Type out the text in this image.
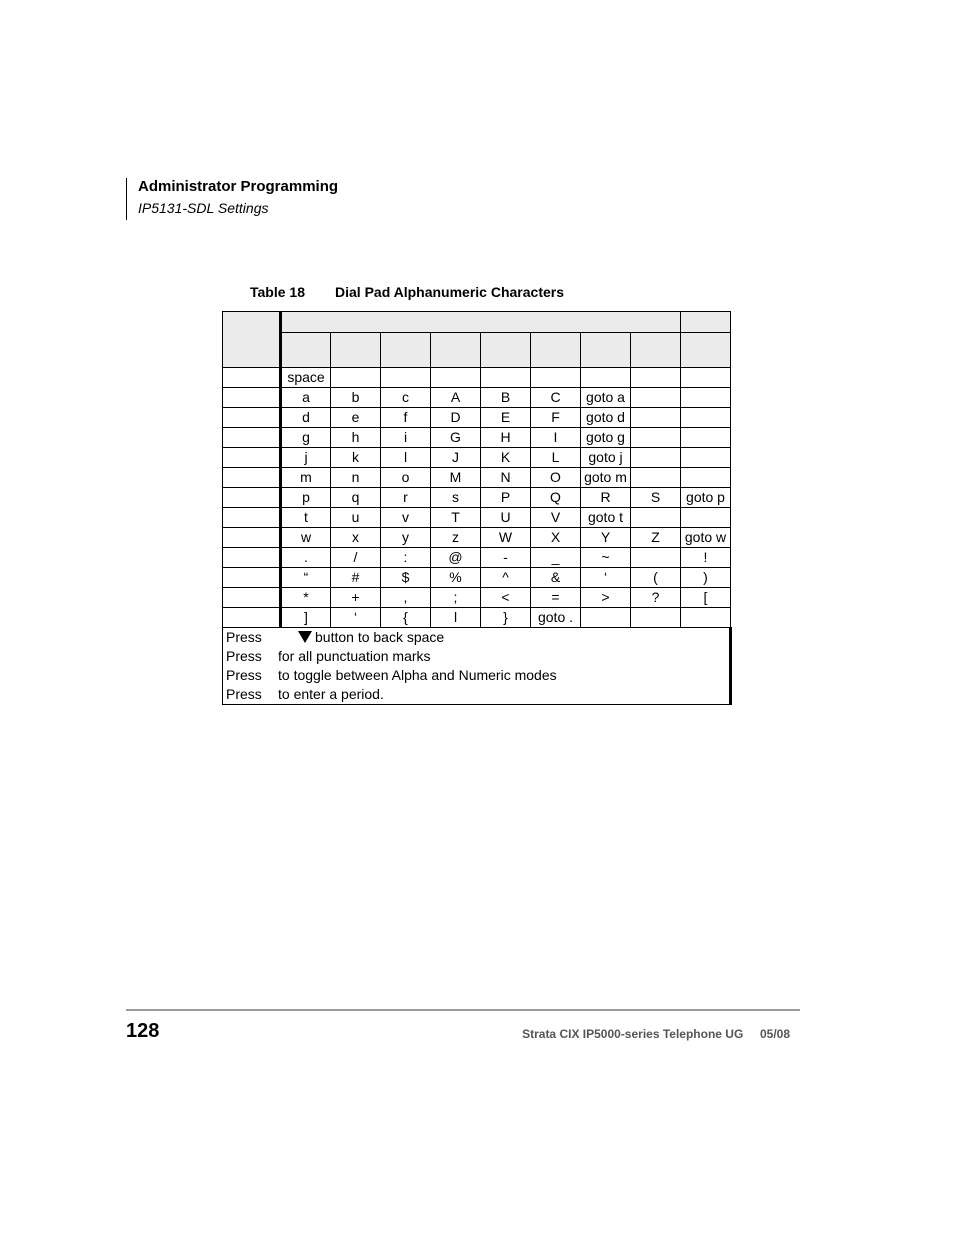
Administrator Programming
IP5131-SDL Settings
Table 18 Dial Pad Alphanumeric Characters

	space								
	a	b	c	A	B	C	goto a		
	d	e	f	D	E	F	goto d		
	g	h	i	G	H	I	goto g		
	j	k	l	J	K	L	goto j		
	m	n	o	M	N	O	goto m		
	p	q	r	s	P	Q	R	S	goto p
	t	u	v	T	U	V	goto t		
	w	x	y	z	W	X	Y	Z	goto w
	.	/	:	@	-	_	~		!
	“	#	$	%	^	&	‘	(	)
	*	+	,	;	<	=	>	?	[
	]	‘	{	l	}	goto .			
Press button to back space									
Press for all punctuation marks									
Press to toggle between Alpha and Numeric modes									
Press to enter a period.									
128	Strata CIX IP5000-series Telephone UG 05/08
